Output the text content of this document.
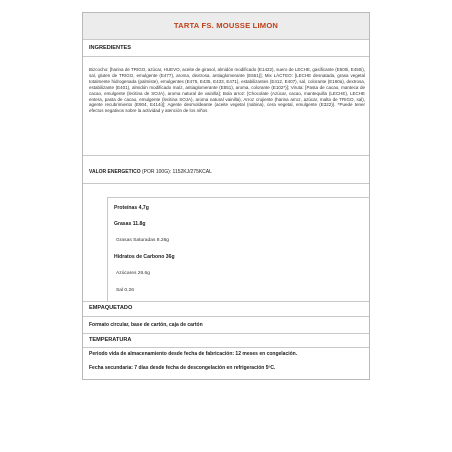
TARTA FS. MOUSSE LIMON
INGREDIENTES
Bizcocho: [harina de TRIGO, azúcar, HUEVO, aceite de girasol, almidón modificado (E1422), suero de LECHE, gasificante (E500i, E450i), sal, gluten de TRIGO, emulgente (E477), aroma, dextrosa, antiaglomerante (E551)]; Mix LÁCTEO: [LECHE desnatada, grasa vegetal totalmente hidrogenada (palmiste), emulgentes (E475, E435, E433, E471), estabilizantes (E412, E407), sal, colorante (E160a), dextrosa, estabilizante (E401), almidón modificado maíz, antiaglomerante (E551), aroma, colorante (E102*)]; Viruta: [Pasta de cacao, manteca de cacao, emulgente (lecitina de SOJA), aroma natural de vainilla]; Bola arroz: [Chocolate (Azúcar, cacao, mantequilla (LECHE), LECHE entera, pasta de cacao, emulgente (lecitina SOJA), aroma natural vainilla), Arroz crujiente (harina arroz, azúcar, malta de TRIGO, sal), agente recubrimiento (E904, E414i)]; Agente desmoldeante (aceite vegetal (nabina), cera vegetal, emulgente (E322)). *Puede tener efectos negativos sobre la actividad y atención de los niños
VALOR ENERGETICO (POR 100G): 1152KJ/275KCAL
Proteínas 4,7g
Grasas 11.8g
Grasas Saturadas 8.26g
Hidratos de Carbono 36g
Azúcares 26.6g
Sal 0.26
EMPAQUETADO
Formato circular, base de cartón, caja de cartón
TEMPERATURA
Periodo vida de almacenamiento desde fecha de fabricación: 12 meses en congelación.
Fecha secundaria: 7 días desde fecha de descongelación en refrigeración 5ºC.
